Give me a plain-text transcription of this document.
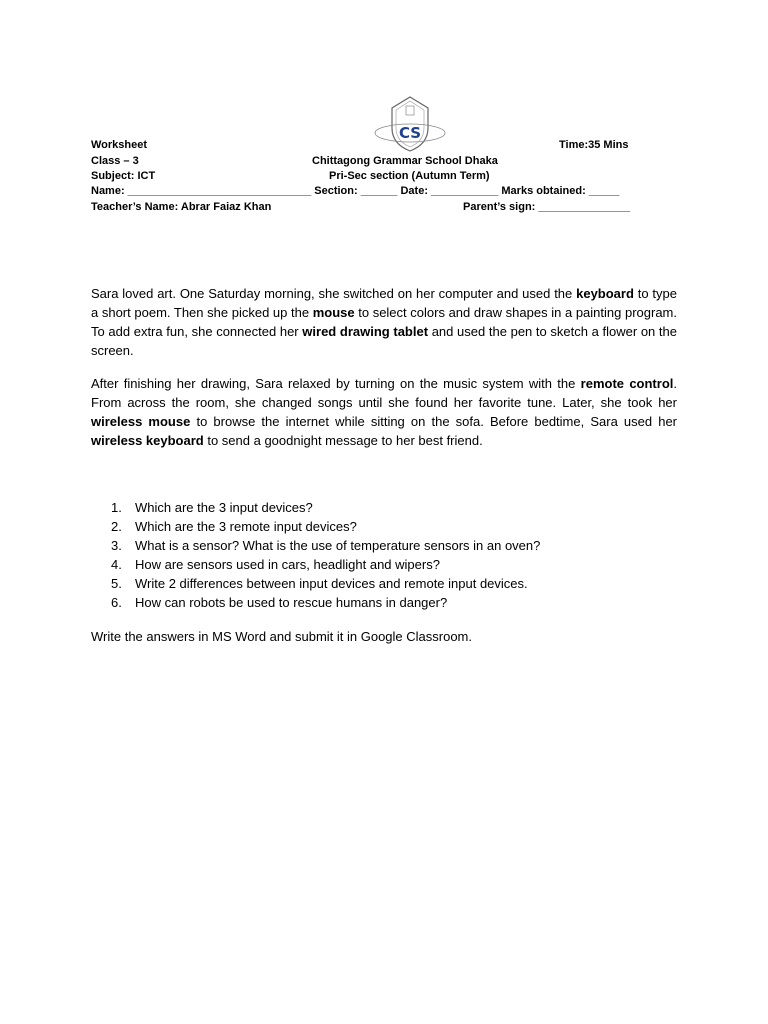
CS
Worksheet	Time:35 Mins
Class – 3	Chittagong Grammar School Dhaka
Subject: ICT	Pri-Sec section (Autumn Term)
Name: ______________________________ Section: ______ Date: ___________ Marks obtained: _____
Teacher’s Name: Abrar Faiaz Khan	Parent’s sign: _______________

Sara loved art. One Saturday morning, she switched on her computer and used the keyboard to type a short poem. Then she picked up the mouse to select colors and draw shapes in a painting program. To add extra fun, she connected her wired drawing tablet and used the pen to sketch a flower on the screen.

After finishing her drawing, Sara relaxed by turning on the music system with the remote control. From across the room, she changed songs until she found her favorite tune. Later, she took her wireless mouse to browse the internet while sitting on the sofa. Before bedtime, Sara used her wireless keyboard to send a goodnight message to her best friend.

1. Which are the 3 input devices?
2. Which are the 3 remote input devices?
3. What is a sensor? What is the use of temperature sensors in an oven?
4. How are sensors used in cars, headlight and wipers?
5. Write 2 differences between input devices and remote input devices.
6. How can robots be used to rescue humans in danger?

Write the answers in MS Word and submit it in Google Classroom.
